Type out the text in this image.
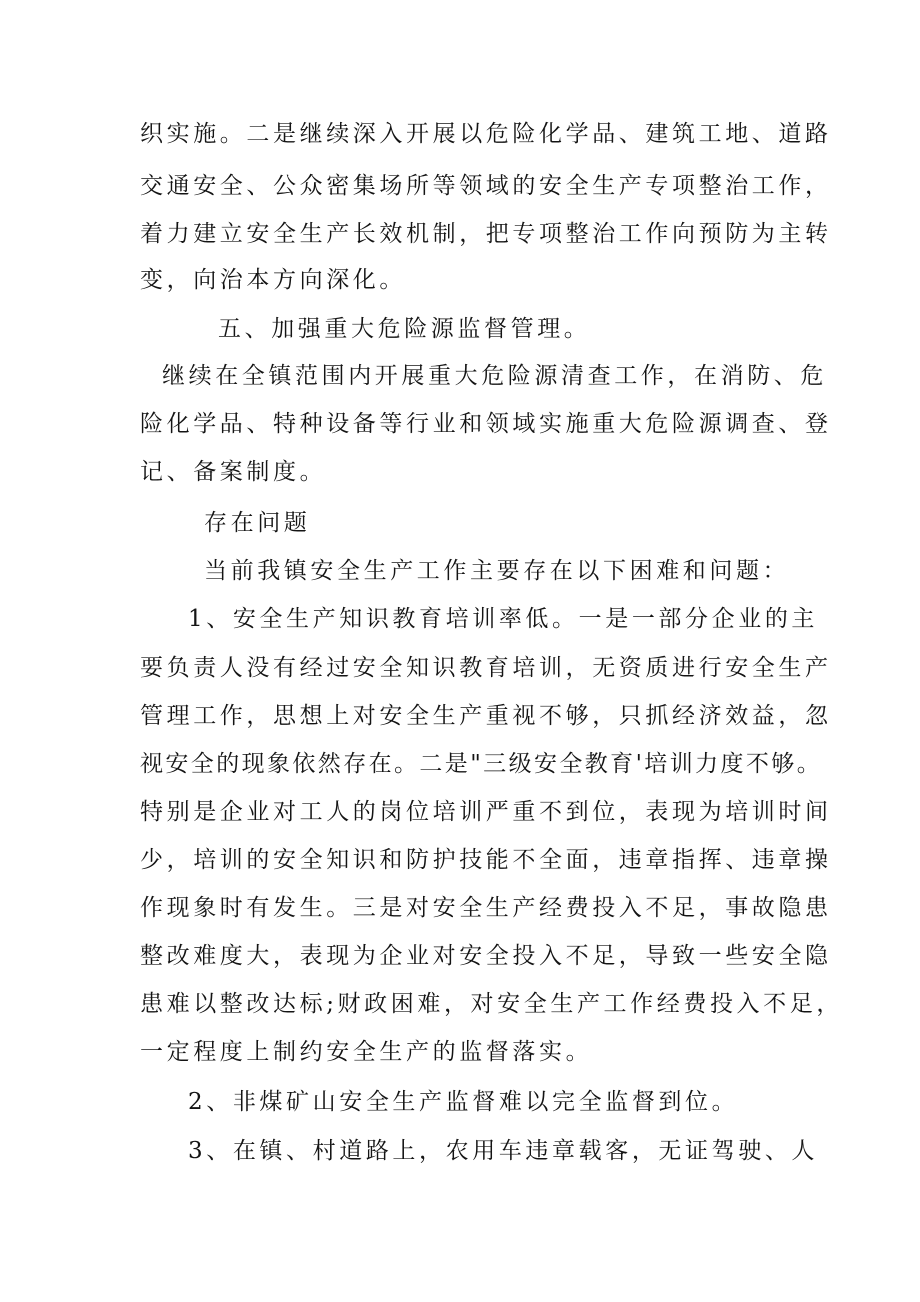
织实施。二是继续深入开展以危险化学品、建筑工地、道路

交通安全、公众密集场所等领域的安全生产专项整治工作，

着力建立安全生产长效机制，把专项整治工作向预防为主转

变，向治本方向深化。

五、加强重大危险源监督管理。

继续在全镇范围内开展重大危险源清查工作，在消防、危

险化学品、特种设备等行业和领域实施重大危险源调查、登

记、备案制度。

存在问题

当前我镇安全生产工作主要存在以下困难和问题：

1、安全生产知识教育培训率低。一是一部分企业的主

要负责人没有经过安全知识教育培训，无资质进行安全生产

管理工作，思想上对安全生产重视不够，只抓经济效益，忽

视安全的现象依然存在。二是"三级安全教育'培训力度不够。

特别是企业对工人的岗位培训严重不到位，表现为培训时间

少，培训的安全知识和防护技能不全面，违章指挥、违章操

作现象时有发生。三是对安全生产经费投入不足，事故隐患

整改难度大，表现为企业对安全投入不足，导致一些安全隐

患难以整改达标;财政困难，对安全生产工作经费投入不足，

一定程度上制约安全生产的监督落实。

2、非煤矿山安全生产监督难以完全监督到位。

3、在镇、村道路上，农用车违章载客，无证驾驶、人
